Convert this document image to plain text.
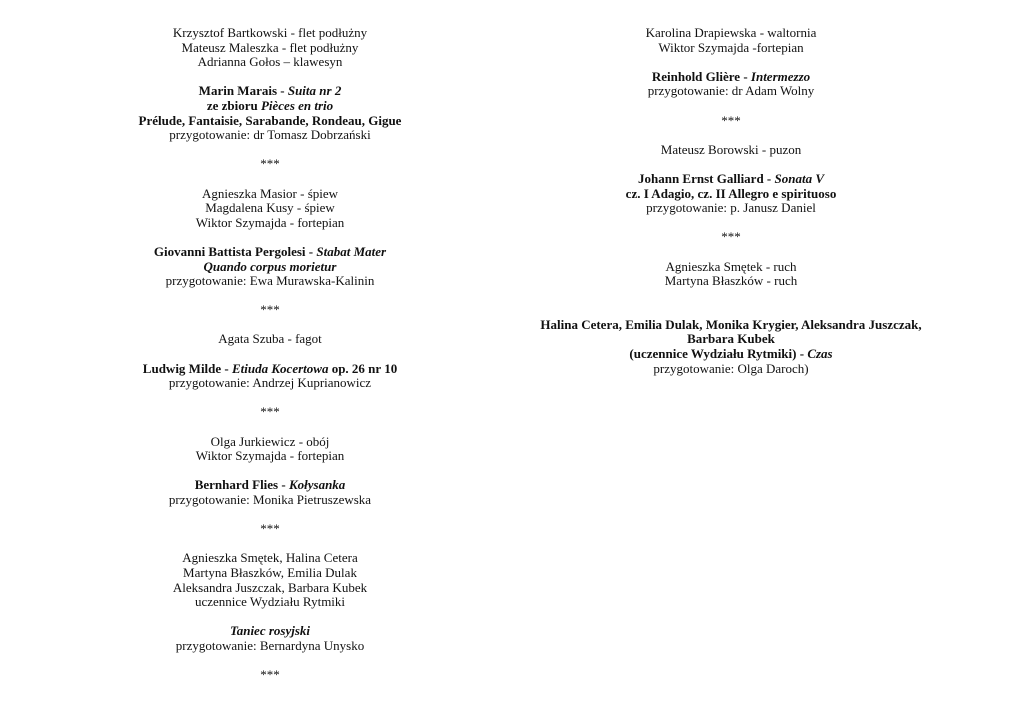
Krzysztof Bartkowski - flet podłużny
Mateusz Maleszka - flet podłużny
Adrianna Gołos – klawesyn
Marin Marais - Suita nr 2
ze zbioru Pièces en trio
Prélude, Fantaisie, Sarabande, Rondeau, Gigue
przygotowanie: dr Tomasz Dobrzański
***
Agnieszka Masior - śpiew
Magdalena Kusy - śpiew
Wiktor Szymajda - fortepian
Giovanni Battista Pergolesi - Stabat Mater
Quando corpus morietur
przygotowanie: Ewa Murawska-Kalinin
***
Agata Szuba - fagot
Ludwig Milde - Etiuda Kocertowa op. 26 nr 10
przygotowanie: Andrzej Kuprianowicz
***
Olga Jurkiewicz - obój
Wiktor Szymajda - fortepian
Bernhard Flies - Kołysanka
przygotowanie: Monika Pietruszewska
***
Agnieszka Smętek, Halina Cetera
Martyna Błaszków, Emilia Dulak
Aleksandra Juszczak, Barbara Kubek
uczennice Wydziału Rytmiki
Taniec rosyjski
przygotowanie: Bernardyna Unysko
***
Karolina Drapiewska - waltornia
Wiktor Szymajda -fortepian
Reinhold Glière - Intermezzo
przygotowanie: dr Adam Wolny
***
Mateusz Borowski - puzon
Johann Ernst Galliard - Sonata V
cz. I Adagio, cz. II Allegro e spirituoso
przygotowanie: p. Janusz Daniel
***
Agnieszka Smętek - ruch
Martyna Błaszków - ruch
Halina Cetera, Emilia Dulak, Monika Krygier, Aleksandra Juszczak,
Barbara Kubek
(uczennice Wydziału Rytmiki) - Czas
przygotowanie: Olga Daroch)
